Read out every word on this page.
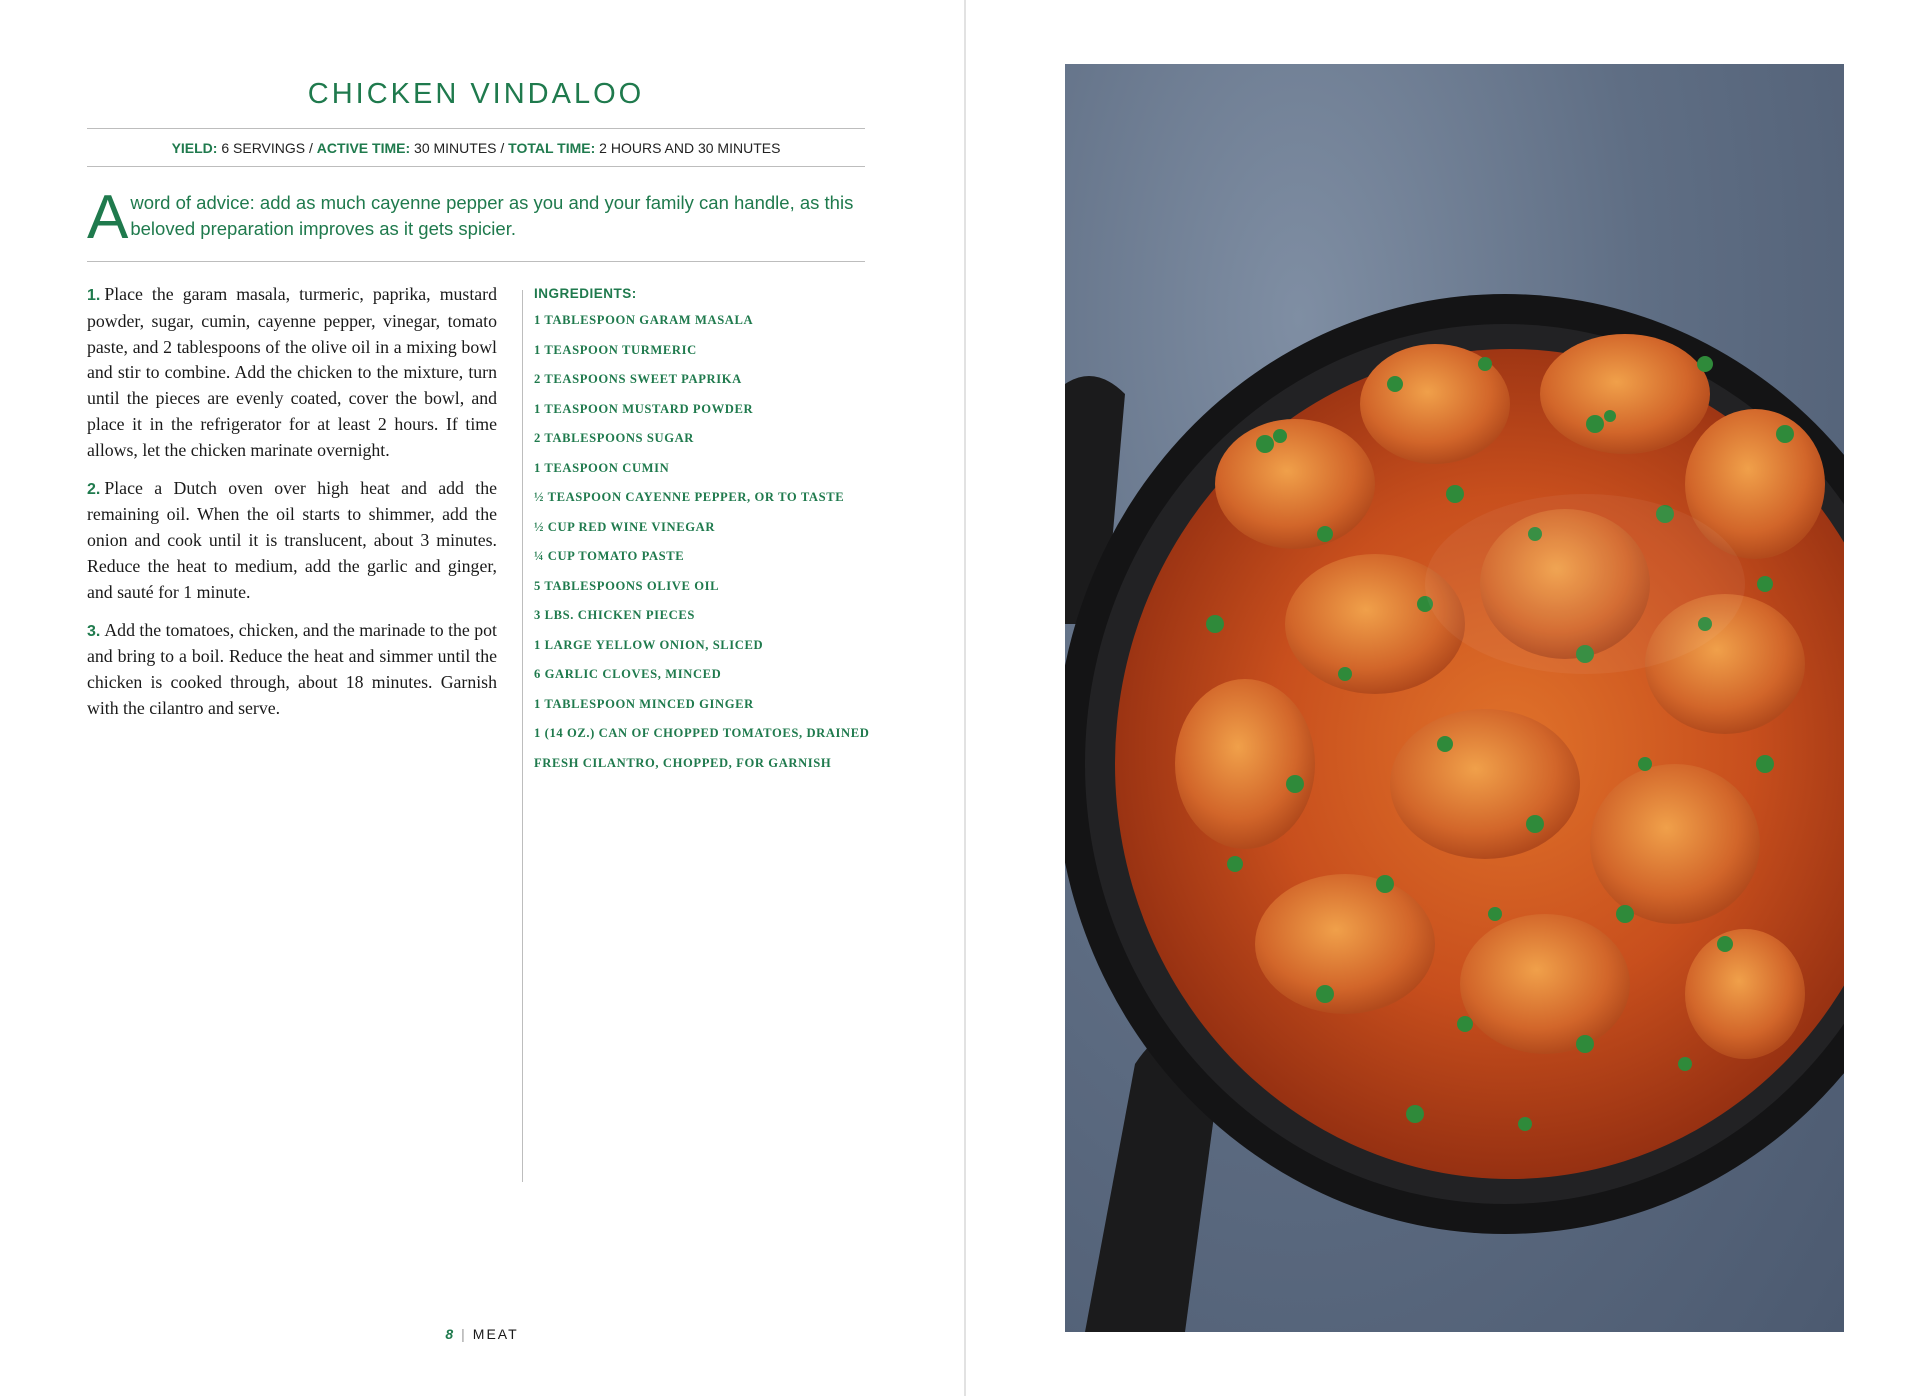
CHICKEN VINDALOO
YIELD: 6 SERVINGS / ACTIVE TIME: 30 MINUTES / TOTAL TIME: 2 HOURS AND 30 MINUTES
A word of advice: add as much cayenne pepper as you and your family can handle, as this beloved preparation improves as it gets spicier.

1. Place the garam masala, turmeric, paprika, mustard powder, sugar, cumin, cayenne pepper, vinegar, tomato paste, and 2 tablespoons of the olive oil in a mixing bowl and stir to combine. Add the chicken to the mixture, turn until the pieces are evenly coated, cover the bowl, and place it in the refrigerator for at least 2 hours. If time allows, let the chicken marinate overnight.

2. Place a Dutch oven over high heat and add the remaining oil. When the oil starts to shimmer, add the onion and cook until it is translucent, about 3 minutes. Reduce the heat to medium, add the garlic and ginger, and sauté for 1 minute.

3. Add the tomatoes, chicken, and the marinade to the pot and bring to a boil. Reduce the heat and simmer until the chicken is cooked through, about 18 minutes. Garnish with the cilantro and serve.

INGREDIENTS:
1 TABLESPOON GARAM MASALA
1 TEASPOON TURMERIC
2 TEASPOONS SWEET PAPRIKA
1 TEASPOON MUSTARD POWDER
2 TABLESPOONS SUGAR
1 TEASPOON CUMIN
½ TEASPOON CAYENNE PEPPER, OR TO TASTE
½ CUP RED WINE VINEGAR
¼ CUP TOMATO PASTE
5 TABLESPOONS OLIVE OIL
3 LBS. CHICKEN PIECES
1 LARGE YELLOW ONION, SLICED
6 GARLIC CLOVES, MINCED
1 TABLESPOON MINCED GINGER
1 (14 OZ.) CAN OF CHOPPED TOMATOES, DRAINED
FRESH CILANTRO, CHOPPED, FOR GARNISH
8 | MEAT
